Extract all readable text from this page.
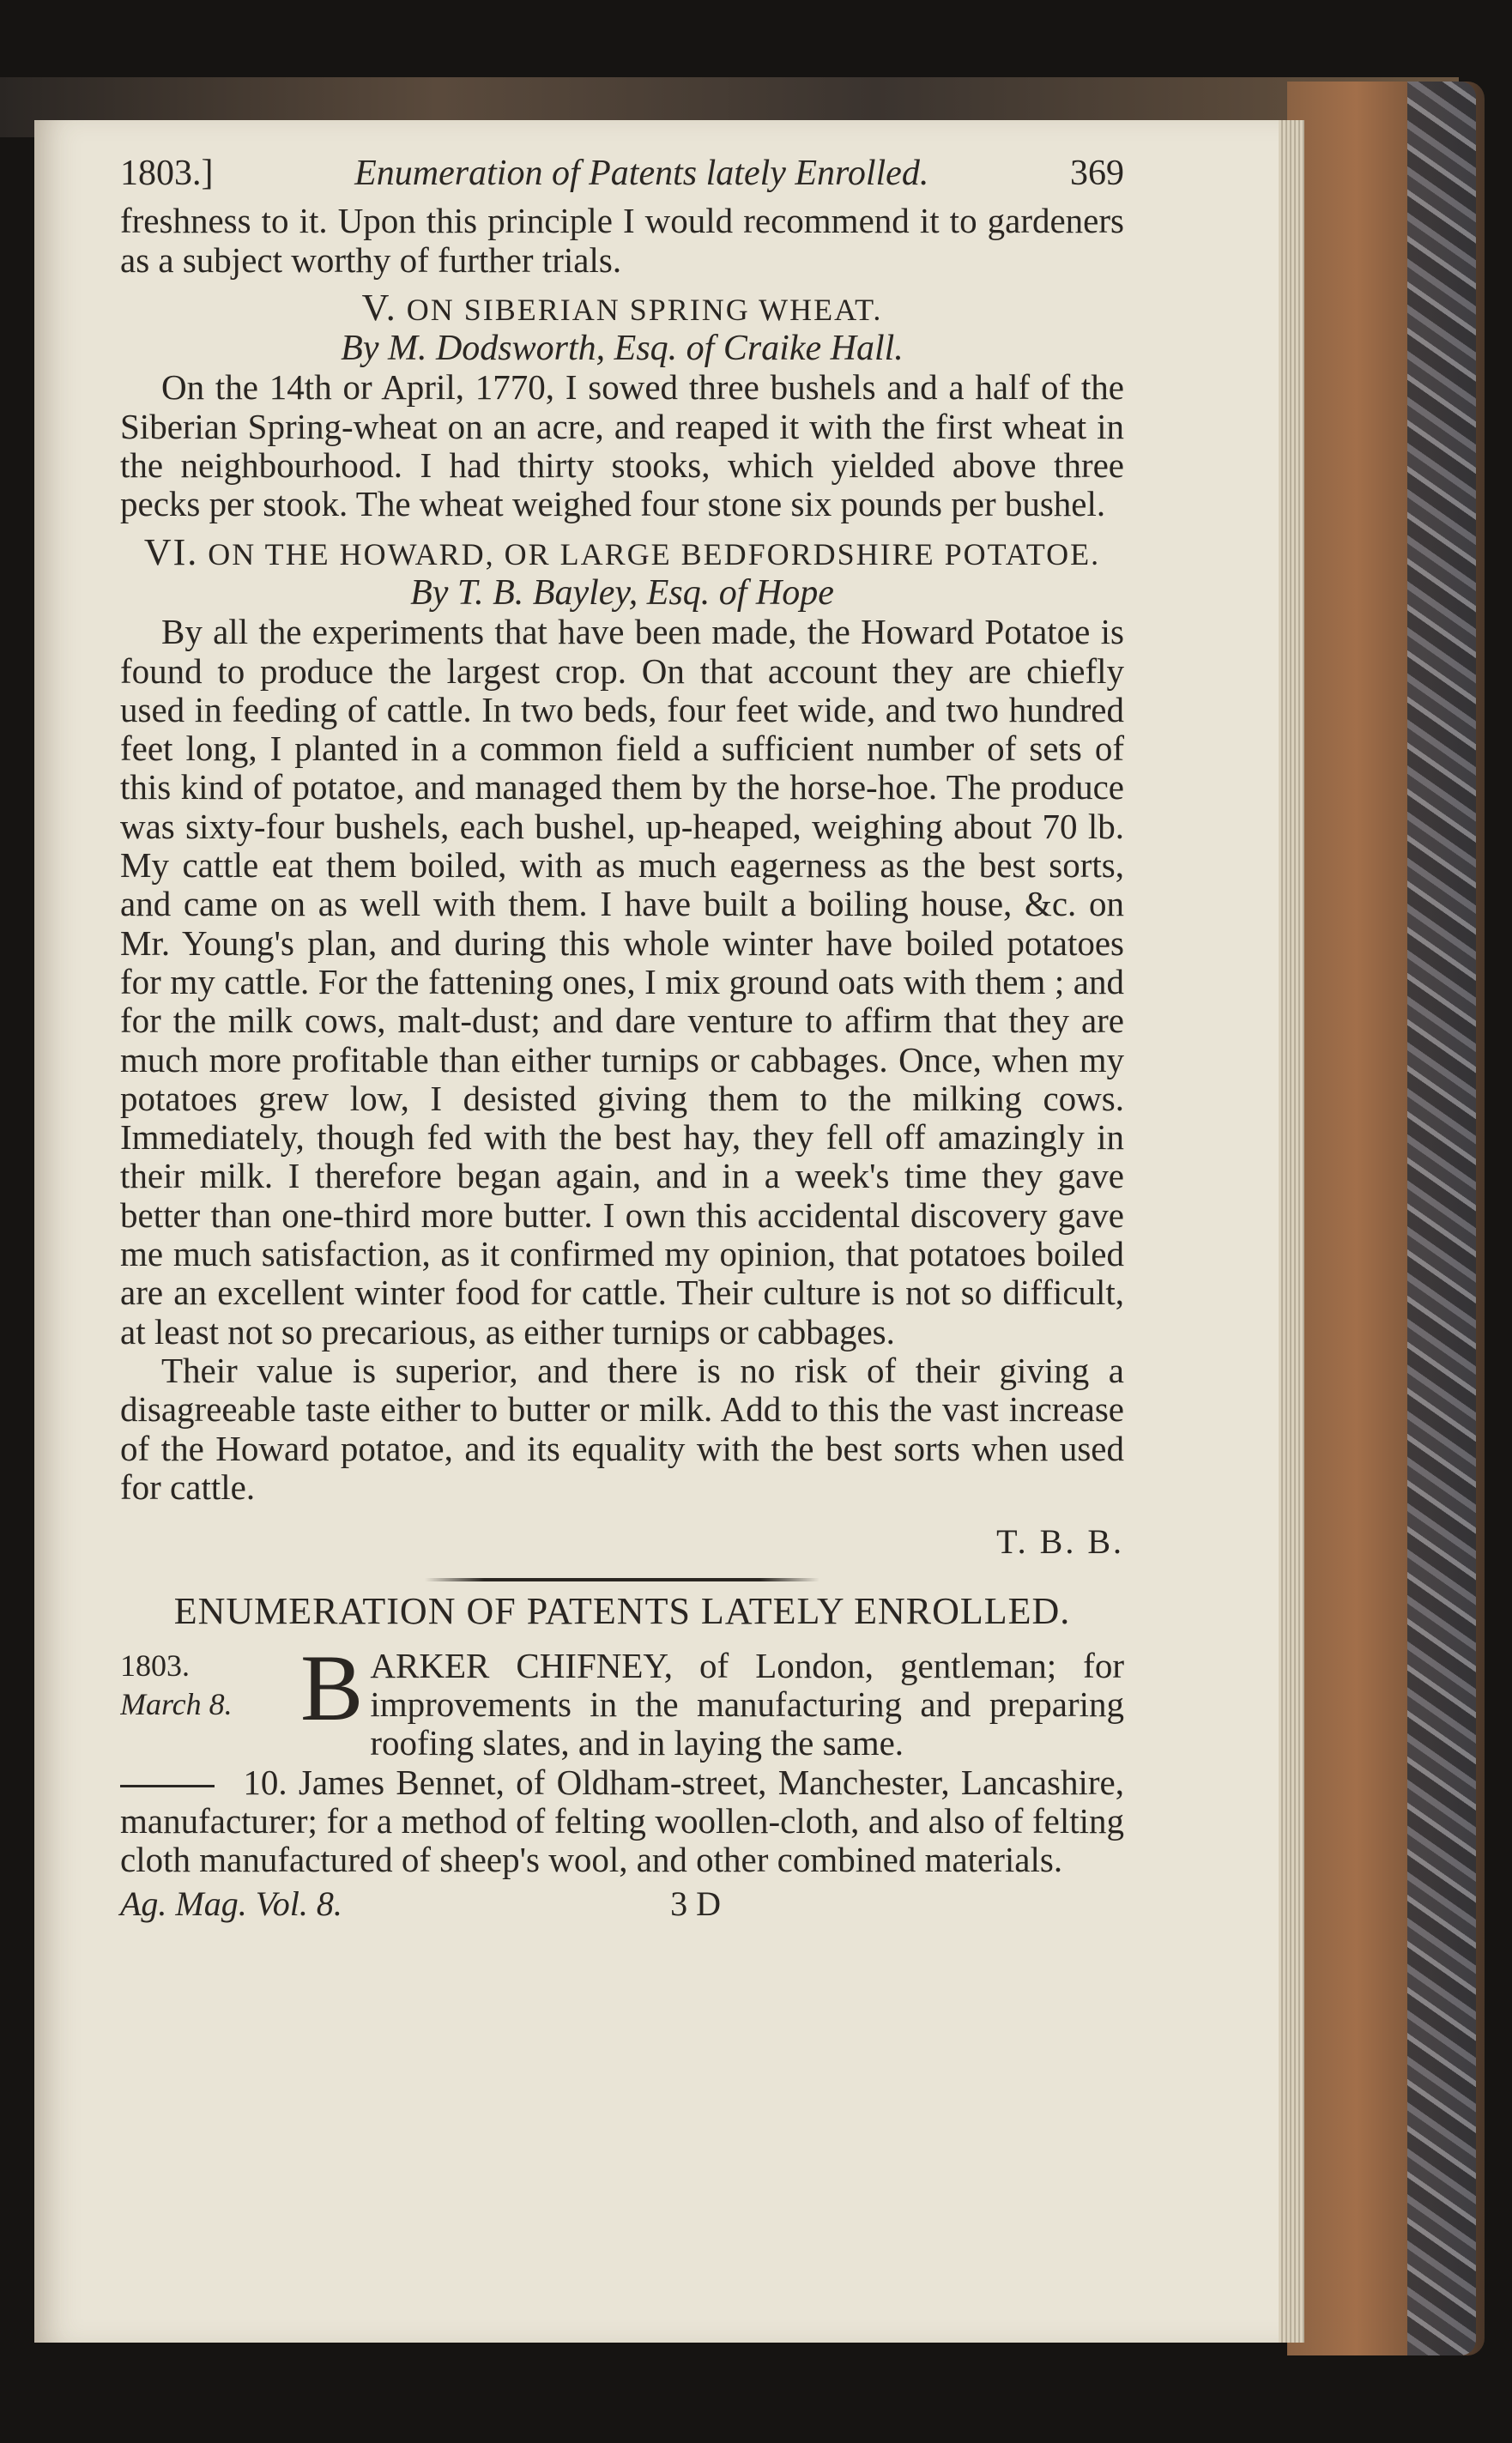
1803.]	Enumeration of Patents lately Enrolled.	369

freshness to it. Upon this principle I would recommend it to gardeners as a subject worthy of further trials.

V. ON SIBERIAN SPRING WHEAT.
By M. Dodsworth, Esq. of Craike Hall.

On the 14th or April, 1770, I sowed three bushels and a half of the Siberian Spring-wheat on an acre, and reaped it with the first wheat in the neighbourhood. I had thirty stooks, which yielded above three pecks per stook. The wheat weighed four stone six pounds per bushel.

VI. ON THE HOWARD, OR LARGE BEDFORDSHIRE POTATOE.
By T. B. Bayley, Esq. of Hope

By all the experiments that have been made, the Howard Potatoe is found to produce the largest crop. On that account they are chiefly used in feeding of cattle. In two beds, four feet wide, and two hundred feet long, I planted in a common field a sufficient number of sets of this kind of potatoe, and managed them by the horse-hoe. The produce was sixty-four bushels, each bushel, up-heaped, weighing about 70 lb. My cattle eat them boiled, with as much eagerness as the best sorts, and came on as well with them. I have built a boiling house, &c. on Mr. Young's plan, and during this whole winter have boiled potatoes for my cattle. For the fattening ones, I mix ground oats with them ; and for the milk cows, malt-dust; and dare venture to affirm that they are much more profitable than either turnips or cabbages. Once, when my potatoes grew low, I desisted giving them to the milking cows. Immediately, though fed with the best hay, they fell off amazingly in their milk. I therefore began again, and in a week's time they gave better than one-third more butter. I own this accidental discovery gave me much satisfaction, as it confirmed my opinion, that potatoes boiled are an excellent winter food for cattle. Their culture is not so difficult, at least not so precarious, as either turnips or cabbages.

Their value is superior, and there is no risk of their giving a disagreeable taste either to butter or milk. Add to this the vast increase of the Howard potatoe, and its equality with the best sorts when used for cattle.

T. B. B.
ENUMERATION OF PATENTS LATELY ENROLLED.
1803.
March 8. B ARKER CHIFNEY, of London, gentleman; for improvements in the manufacturing and preparing roofing slates, and in laying the same.
10. James Bennet, of Oldham-street, Manchester, Lancashire, manufacturer; for a method of felting woollen-cloth, and also of felting cloth manufactured of sheep's wool, and other combined materials.
Ag. Mag. Vol. 8.	3 D
